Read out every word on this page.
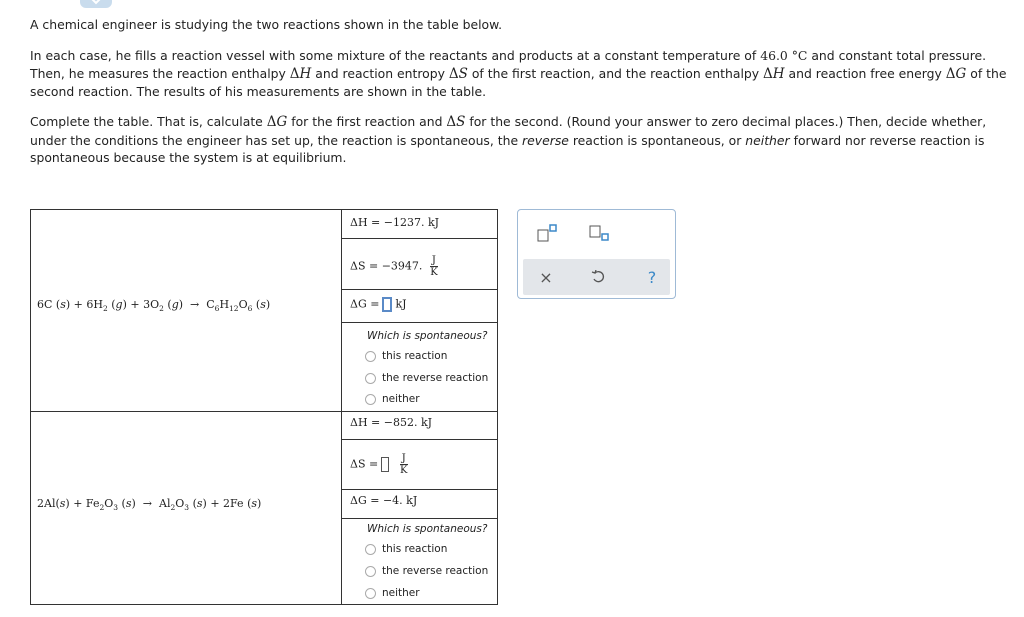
A chemical engineer is studying the two reactions shown in the table below.
In each case, he fills a reaction vessel with some mixture of the reactants and products at a constant temperature of 46.0 °C and constant total pressure. Then, he measures the reaction enthalpy ΔH and reaction entropy ΔS of the first reaction, and the reaction enthalpy ΔH and reaction free energy ΔG of the second reaction. The results of his measurements are shown in the table.
Complete the table. That is, calculate ΔG for the first reaction and ΔS for the second. (Round your answer to zero decimal places.) Then, decide whether, under the conditions the engineer has set up, the reaction is spontaneous, the reverse reaction is spontaneous, or neither forward nor reverse reaction is spontaneous because the system is at equilibrium.
6C $(s) + 6H_2$ $(g) + 3O_2$ $(g) \to C_6H_{12}O_6$ (s)
ΔH = −1237. kJ
ΔS = −3947. $\frac{J}{K}$
ΔG = kJ
Which is spontaneous?
this reaction
the reverse reaction
neither
$2Al(s) + Fe_2O_3$ $(s) \to Al_2O_3$ (s) + 2Fe (s)
ΔH = −852. kJ
$\Delta S = \frac{J}{K}$
ΔG = −4. kJ
Which is spontaneous?
this reaction
the reverse reaction
neither
×	?
